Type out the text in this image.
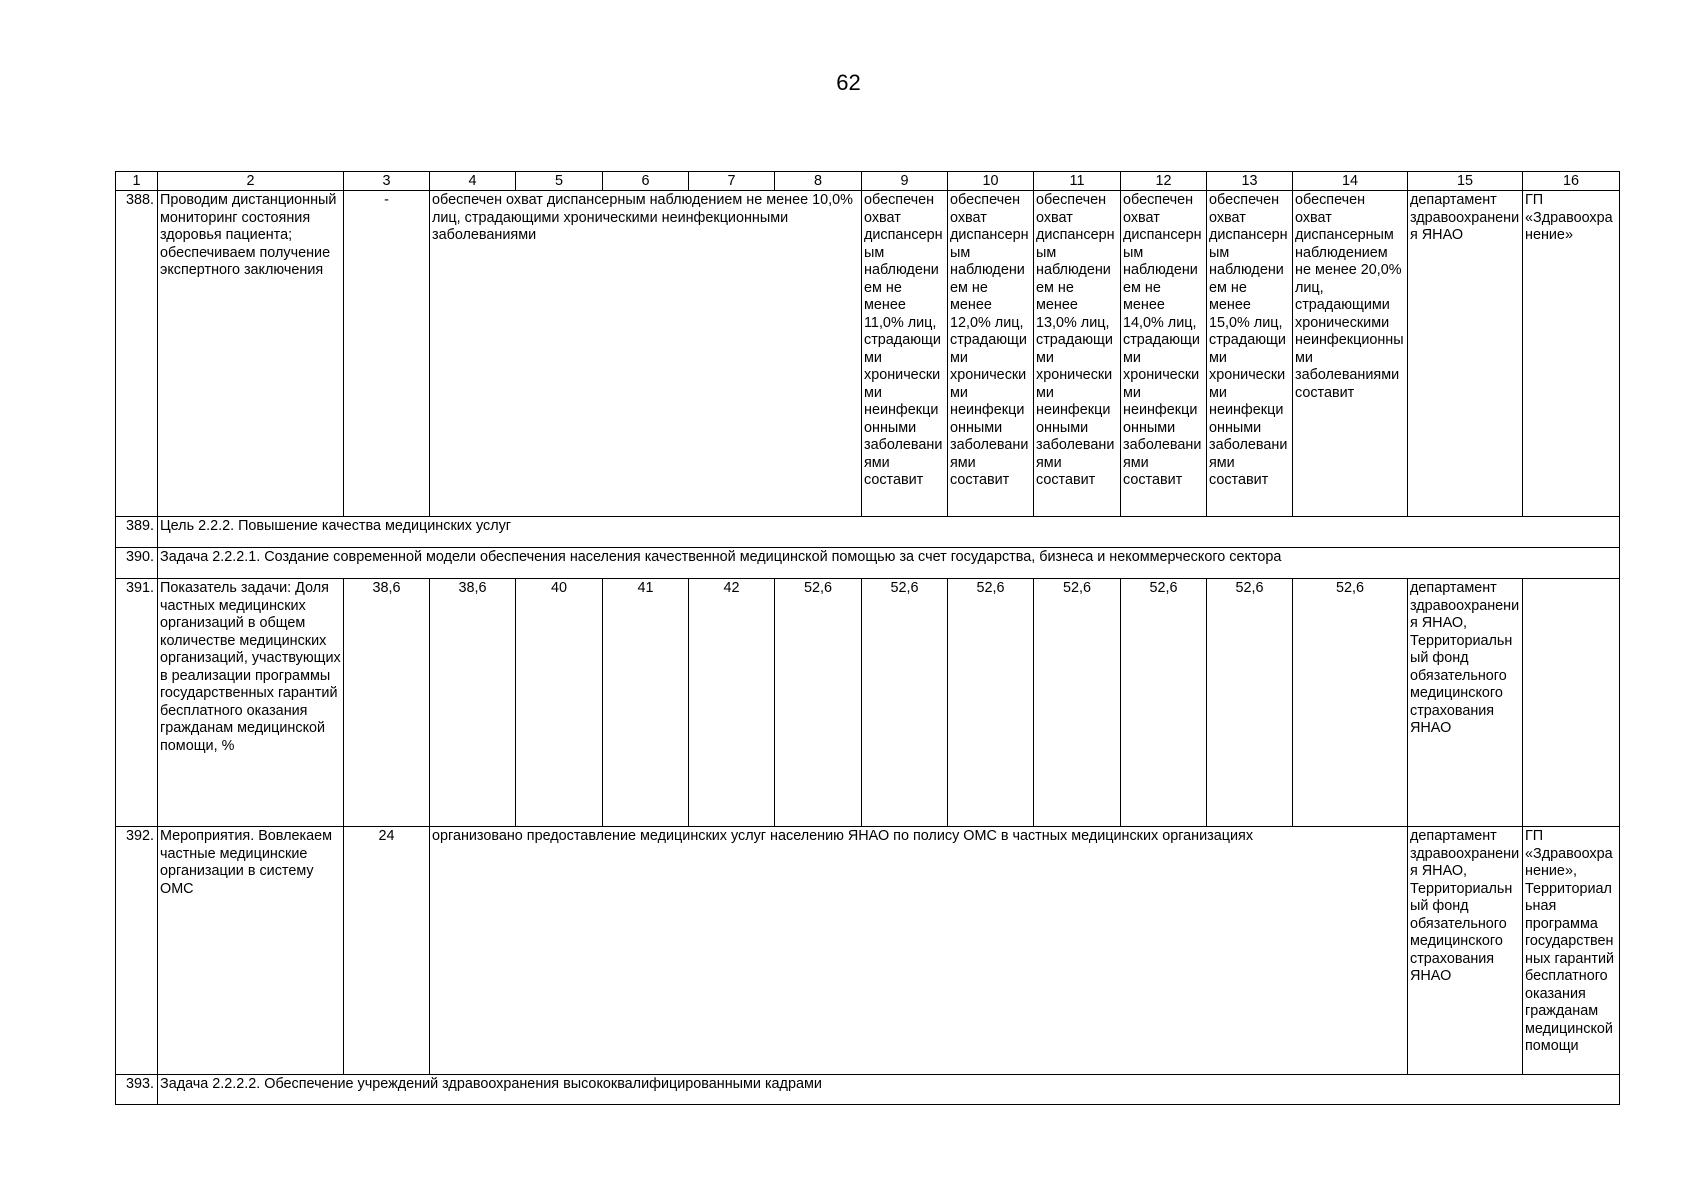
62
1	2	3	4	5	6	7	8	9	10	11	12	13	14	15	16
388.	Проводим дистанционный мониторинг состояния здоровья пациента; обеспечиваем получение экспертного заключения	-	обеспечен охват диспансерным наблюдением не менее 10,0% лиц, страдающими хроническими неинфекционными заболеваниями					обеспечен охват диспансерным наблюдением не менее 11,0% лиц, страдающими хроническими неинфекционными заболеваниями составит	обеспечен охват диспансерным наблюдением не менее 12,0% лиц, страдающими хроническими неинфекционными заболеваниями составит	обеспечен охват диспансерным наблюдением не менее 13,0% лиц, страдающими хроническими неинфекционными заболеваниями составит	обеспечен охват диспансерным наблюдением не менее 14,0% лиц, страдающими хроническими неинфекционными заболеваниями составит	обеспечен охват диспансерным наблюдением не менее 15,0% лиц, страдающими хроническими неинфекционными заболеваниями составит	обеспечен охват диспансерным наблюдением не менее 20,0% лиц, страдающими хроническими неинфекционными заболеваниями составит	департамент здравоохранения ЯНАО	ГП «Здравоохранение»
389.	Цель 2.2.2. Повышение качества медицинских услуг														
390.	Задача 2.2.2.1. Создание современной модели обеспечения населения качественной медицинской помощью за счет государства, бизнеса и некоммерческого сектора														
391.	Показатель задачи: Доля частных медицинских организаций в общем количестве медицинских организаций, участвующих в реализации программы государственных гарантий бесплатного оказания гражданам медицинской помощи, %	38,6	38,6	40	41	42	52,6	52,6	52,6	52,6	52,6	52,6	52,6	департамент здравоохранения ЯНАО, Территориальный фонд обязательного медицинского страхования ЯНАО	
392.	Мероприятия. Вовлекаем частные медицинские организации в систему ОМС	24	организовано предоставление медицинских услуг населению ЯНАО по полису ОМС в частных медицинских организациях											департамент здравоохранения ЯНАО, Территориальный фонд обязательного медицинского страхования ЯНАО	ГП «Здравоохранение», Территориальная программа государственных гарантий бесплатного оказания гражданам медицинской помощи
393.	Задача 2.2.2.2. Обеспечение учреждений здравоохранения высококвалифицированными кадрами														
